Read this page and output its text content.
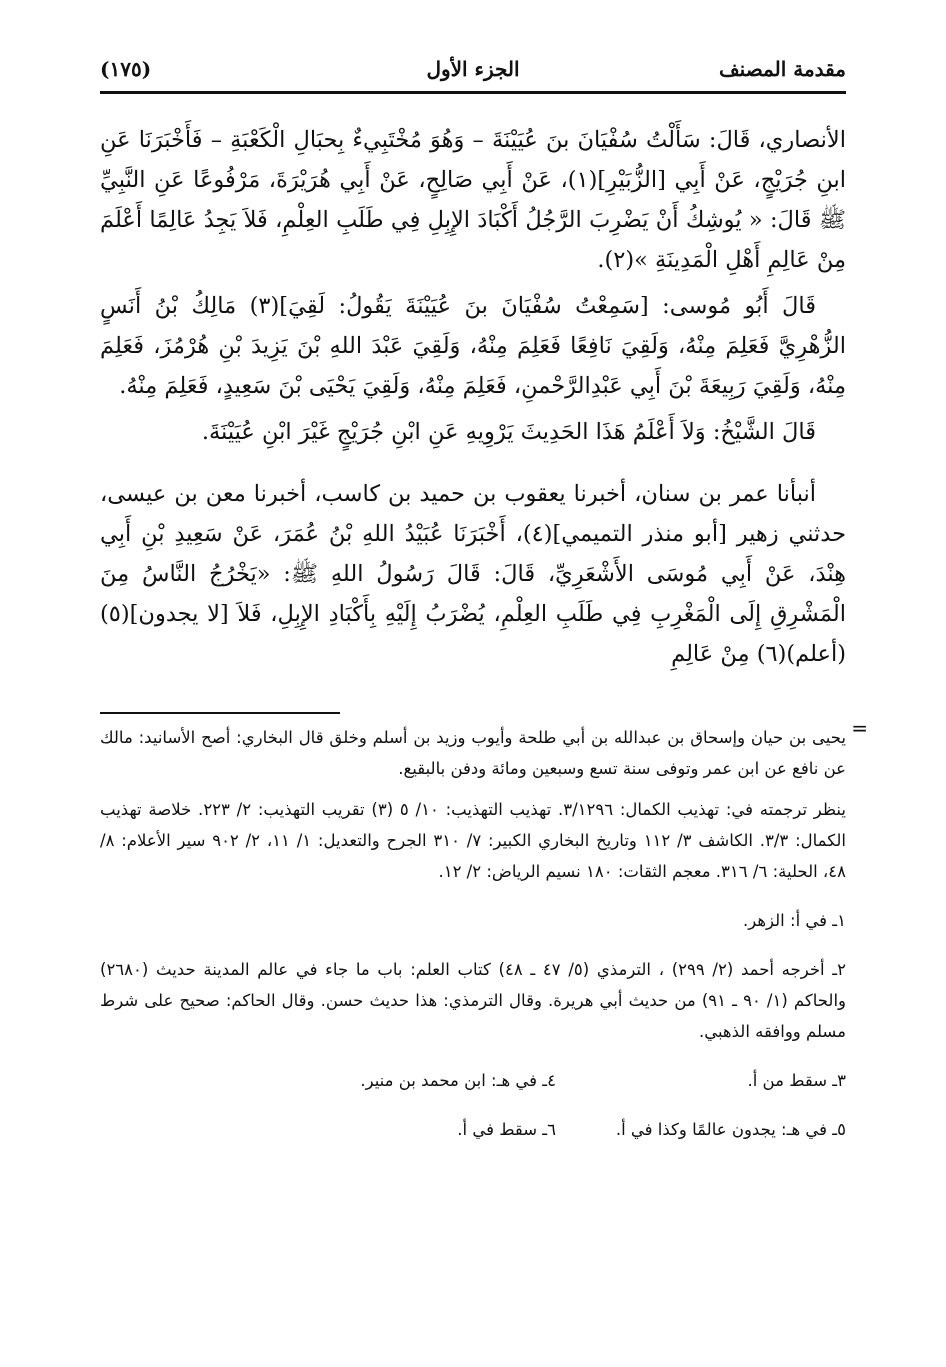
مقدمة المصنف
الجزء الأول
(١٧٥)

الأنصاري، قَالَ: سَأَلْتُ سُفْيَانَ بنَ عُيَيْنَةَ – وَهُوَ مُخْتَبِيءٌ بِحبَالِ الْكَعْبَةِ – فَأَخْبَرَنَا عَنِ ابنِ جُرَيْجٍ، عَنْ أَبِي [الزُّبَيْرِ](١)، عَنْ أَبِي صَالِحٍ، عَنْ أَبِي هُرَيْرَةَ، مَرْفُوعًا عَنِ النَّبِيِّ ﷺ قَالَ: « يُوشِكُ أَنْ يَضْرِبَ الرَّجُلُ أَكْبَادَ الإِبِلِ فِي طَلَبِ العِلْمِ، فَلاَ يَجِدُ عَالِمًا أَعْلَمَ مِنْ عَالِمِ أَهْلِ الْمَدِينَةِ »(٢).

قَالَ أَبُو مُوسى: [سَمِعْتُ سُفْيَانَ بنَ عُيَيْنَةَ يَقُولُ: لَقِيَ](٣) مَالِكُ بْنُ أَنَسٍ الزُّهْرِيَّ فَعَلِمَ مِنْهُ، وَلَقِيَ نَافِعًا فَعَلِمَ مِنْهُ، وَلَقِيَ عَبْدَ اللهِ بْنَ يَزِيدَ بْنِ هُرْمُزَ، فَعَلِمَ مِنْهُ، وَلَقِيَ رَبِيعَةَ بْنَ أَبِي عَبْدِالرَّحْمنِ، فَعَلِمَ مِنْهُ، وَلَقِيَ يَحْيَى بْنَ سَعِيدٍ، فَعَلِمَ مِنْهُ.

قَالَ الشَّيْخُ: وَلاَ أَعْلَمُ هَذَا الحَدِيثَ يَرْوِيهِ عَنِ ابْنِ جُرَيْجٍ غَيْرَ ابْنِ عُيَيْنَةَ.

أنبأنا عمر بن سنان، أخبرنا يعقوب بن حميد بن كاسب، أخبرنا معن بن عيسى، حدثني زهير [أبو منذر التميمي](٤)، أَخْبَرَنَا عُبَيْدُ اللهِ بْنُ عُمَرَ، عَنْ سَعِيدِ بْنِ أَبِي هِنْدَ، عَنْ أَبِي مُوسَى الأَشْعَرِيِّ، قَالَ: قَالَ رَسُولُ اللهِ ﷺ: «يَخْرُجُ النَّاسُ مِنَ الْمَشْرِقِ إِلَى الْمَغْرِبِ فِي طَلَبِ العِلْمِ، يُضْرَبُ إِلَيْهِ بِأَكْبَادِ الإِبِلِ، فَلاَ [لا يجدون](٥) (أعلم)(٦) مِنْ عَالِمِ

=

يحيى بن حيان وإسحاق بن عبدالله بن أبي طلحة وأيوب وزيد بن أسلم وخلق قال البخاري: أصح الأسانيد: مالك عن نافع عن ابن عمر وتوفى سنة تسع وسبعين ومائة ودفن بالبقيع.

ينظر ترجمته في: تهذيب الكمال: ٣/١٢٩٦. تهذيب التهذيب: ١٠/ ٥ (٣) تقريب التهذيب: ٢/ ٢٢٣. خلاصة تهذيب الكمال: ٣/٣. الكاشف ٣/ ١١٢ وتاريخ البخاري الكبير: ٧/ ٣١٠ الجرح والتعديل: ١/ ١١، ٢/ ٩٠٢ سير الأعلام: ٨/ ٤٨، الحلية: ٦/ ٣١٦. معجم الثقات: ١٨٠ نسيم الرياض: ٢/ ١٢.

١ـ في أ: الزهر.

٢ـ أخرجه أحمد (٢/ ٢٩٩) ، الترمذي (٥/ ٤٧ ـ ٤٨) كتاب العلم: باب ما جاء في عالم المدينة حديث (٢٦٨٠) والحاكم (١/ ٩٠ ـ ٩١) من حديث أبي هريرة. وقال الترمذي: هذا حديث حسن. وقال الحاكم: صحيح على شرط مسلم ووافقه الذهبي.

٣ـ سقط من أ.
٤ـ في هـ: ابن محمد بن منير.
٥ـ في هـ: يجدون عالمًا وكذا في أ.
٦ـ سقط في أ.
